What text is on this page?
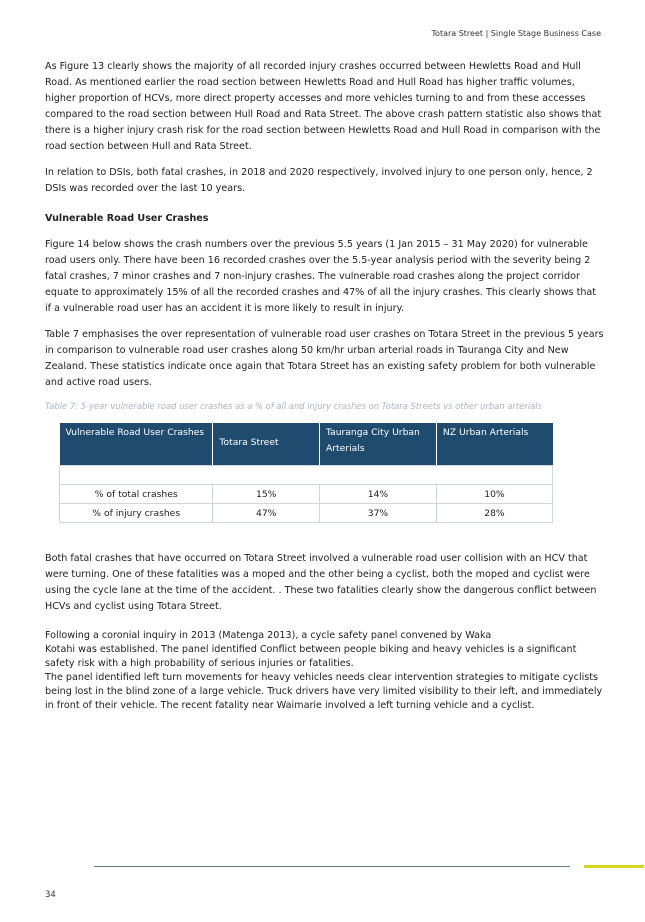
Totara Street | Single Stage Business Case

As Figure 13 clearly shows the majority of all recorded injury crashes occurred between Hewletts Road and Hull Road. As mentioned earlier the road section between Hewletts Road and Hull Road has higher traffic volumes, higher proportion of HCVs, more direct property accesses and more vehicles turning to and from these accesses compared to the road section between Hull Road and Rata Street. The above crash pattern statistic also shows that there is a higher injury crash risk for the road section between Hewletts Road and Hull Road in comparison with the road section between Hull and Rata Street.

In relation to DSIs, both fatal crashes, in 2018 and 2020 respectively, involved injury to one person only, hence, 2 DSIs was recorded over the last 10 years.

Vulnerable Road User Crashes

Figure 14 below shows the crash numbers over the previous 5.5 years (1 Jan 2015 – 31 May 2020) for vulnerable road users only. There have been 16 recorded crashes over the 5.5-year analysis period with the severity being 2 fatal crashes, 7 minor crashes and 7 non-injury crashes. The vulnerable road crashes along the project corridor equate to approximately 15% of all the recorded crashes and 47% of all the injury crashes. This clearly shows that if a vulnerable road user has an accident it is more likely to result in injury.

Table 7 emphasises the over representation of vulnerable road user crashes on Totara Street in the previous 5 years in comparison to vulnerable road user crashes along 50 km/hr urban arterial roads in Tauranga City and New Zealand. These statistics indicate once again that Totara Street has an existing safety problem for both vulnerable and active road users.

Table 7: 5-year vulnerable road user crashes as a % of all and injury crashes on Totara Streets vs other urban arterials
Vulnerable Road User Crashes	Totara Street	Tauranga City Urban Arterials	NZ Urban Arterials

% of total crashes	15%	14%	10%
% of injury crashes	47%	37%	28%

Both fatal crashes that have occurred on Totara Street involved a vulnerable road user collision with an HCV that were turning. One of these fatalities was a moped and the other being a cyclist, both the moped and cyclist were using the cycle lane at the time of the accident. . These two fatalities clearly show the dangerous conflict between HCVs and cyclist using Totara Street.

Following a coronial inquiry in 2013 (Matenga 2013), a cycle safety panel convened by Waka

Kotahi was established. The panel identified Conflict between people biking and heavy vehicles is a significant safety risk with a high probability of serious injuries or fatalities.

The panel identified left turn movements for heavy vehicles needs clear intervention strategies to mitigate cyclists being lost in the blind zone of a large vehicle. Truck drivers have very limited visibility to their left, and immediately in front of their vehicle. The recent fatality near Waimarie involved a left turning vehicle and a cyclist.

34
